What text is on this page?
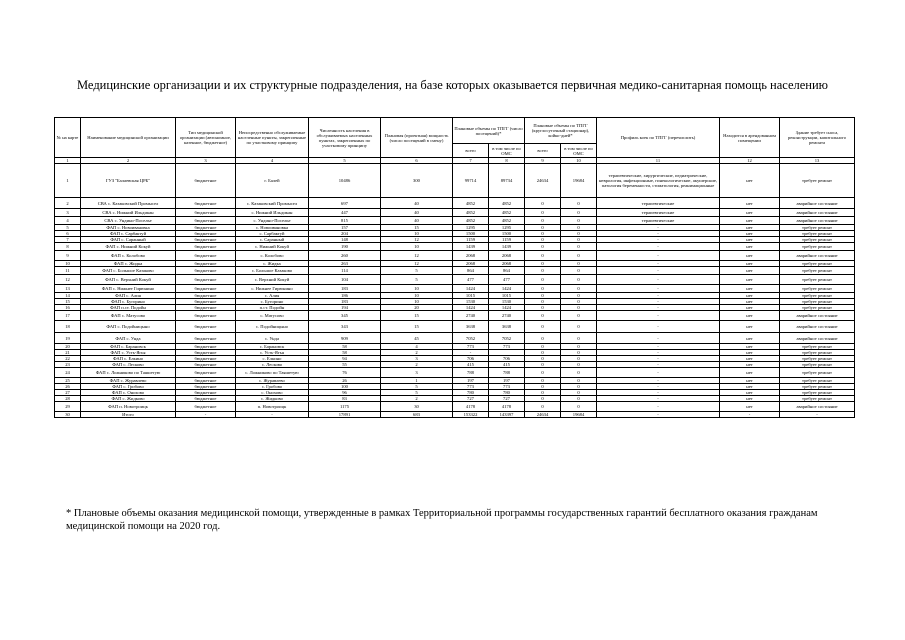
Медицинские организации и их структурные подразделения, на базе которых оказывается первичная медико-санитарная помощь населению
№ на карте	Наименование медицинской организации	Тип медицинской организации (автономное, казенное, бюджетное)	Непосредственно обслуживаемые населенные пункты, закрепленные по участковому принципу	Численность населения в обслуживаемых населенных пунктах, закрепленных по участковому принципу	Плановая (проектная) мощность (число посещений в смену)	Плановые объемы по ТПГГ (число посещений)*		Плановые объемы по ТПГГ (круглосуточный стационар), койко-дней*		Профиль коек по ТПГГ (перечислить)	Находится в арендованном помещении	Здание требует сноса, реконструкции, капитального ремонта
						всего	в том числе по ОМС	всего	в том числе по ОМС			
1	2	3	4	5	6	7	8	9	10	11	12	13
1	ГУЗ "Балаевская ЦРБ"	бюджетное	г. Балей	10486	300	99714	89734	24634	19684	терапевтические, хирургические, педиатрические, неврология, инфекционные, гинекологические, акушерские, патология беременности, стоматология, реанимационные	нет	требует ремонт
2	СВА с. Казаковский Промысел	бюджетное	с. Казаковский Промысел	697	40	4852	4852	0	0	терапевтические	нет	аварийное состояние
3	СВА с. Нижний Ильдикан	бюджетное	с. Нижний Ильдикан	447	40	4852	4852	0	0	терапевтические	нет	аварийное состояние
4	СВА с. Ундино-Поселье	бюджетное	с. Ундино-Поселье	815	40	4852	4852	0	0	терапевтические	нет	аварийное состояние
5	ФАП с. Новоивановка	бюджетное	с. Новоивановка	157	15	1295	1295	0	0	-	нет	требует ремонт
6	ФАП с. Сарбактуй	бюджетное	с. Сарбактуй	204	10	1500	1500	0	0	-	нет	требует ремонт
7	ФАП с. Саранный	бюджетное	с. Саранный	148	12	1159	1159	0	0	-	нет	требует ремонт
8	ФАП с. Нижний Кокуй	бюджетное	с. Нижний Кокуй	190	10	1439	1439	0	0	-	нет	требует ремонт
9	ФАП с. Колобово	бюджетное	с. Колобово	260	12	2068	2068	0	0	-	нет	аварийное состояние
10	ФАП с. Жидка	бюджетное	с. Жидка	263	12	2068	2068	0	0	-	нет	требует ремонт
11	ФАП с. Большое Казаково	бюджетное	с. Большое Казаково	114	5	864	864	0	0	-	нет	требует ремонт
12	ФАП с. Верхний Кокуй	бюджетное	с. Верхний Кокуй	104	5	477	477	0	0	-	нет	требует ремонт
13	ФАП с. Нижнее Гирюнино	бюджетное	с. Нижнее Гирюнино	183	10	1424	1424	0	0	-	нет	требует ремонт
14	ФАП с. Алия	бюджетное	с. Алия	186	10	1015	1015	0	0	-	нет	требует ремонт
15	ФАП с. Бугорино	бюджетное	с. Бугорино	183	10	1530	1530	0	0	-	нет	требует ремонт
16	ФАП п.ст. Подойн	бюджетное	п.ст. Подойн	194	20	1424	1424	0	0	-	нет	требует ремонт
17	ФАП с. Матусово	бюджетное	с. Матусово	345	15	2740	2740	0	0	-	нет	аварийное состояние
18	ФАП с. Подойницыно	бюджетное	с. Подойницыно	343	15	3638	3638	0	0	-	нет	аварийное состояние
19	ФАП с. Унда	бюджетное	с. Унда	909	45	7052	7052	0	0	-	нет	аварийное состояние
20	ФАП с. Барановск	бюджетное	с. Барановск	58	4	773	773	0	0	-	нет	требует ремонт
21	ФАП с. Усть-Ягья	бюджетное	с. Усть-Ягья	58	2	-		0	0	-	нет	требует ремонт
22	ФАП с. Елкино	бюджетное	с. Елкино	94	3	706	706	0	0	-	нет	требует ремонт
23	ФАП с. Лесково	бюджетное	с. Лесково	55	2	415	415	0	0	-	нет	требует ремонт
24	ФАП с. Ложниково по Таяшетую	бюджетное	с. Ложниково по Таяшетую	76	3	788	788	0	0	-	нет	требует ремонт
25	ФАП с. Журавлево	бюджетное	с. Журавлево	26	1	197	197	0	0	-	нет	требует ремонт
26	ФАП с. Гробово	бюджетное	с. Гробово	100	5	773	773	0	0	-	нет	требует ремонт
27	ФАП с. Онохово	бюджетное	с. Онохово	96	5	780	780	0	0	-	нет	требует ремонт
28	ФАП с. Жидково	бюджетное	с. Жидково	83	2	727	727	0	0	-	нет	требует ремонт
29	ФАП п. Новотроицк	бюджетное	п. Новотроицк	1175	30	4178	4178	0	0	-	нет	аварийное состояние
30	Итого	-	-	17891	683	153322	143397	24634	19684	-	-	-
* Плановые объемы оказания медицинской помощи, утвержденные в рамках Территориальной программы государственных гарантий бесплатного оказания гражданам медицинской помощи на 2020 год.
